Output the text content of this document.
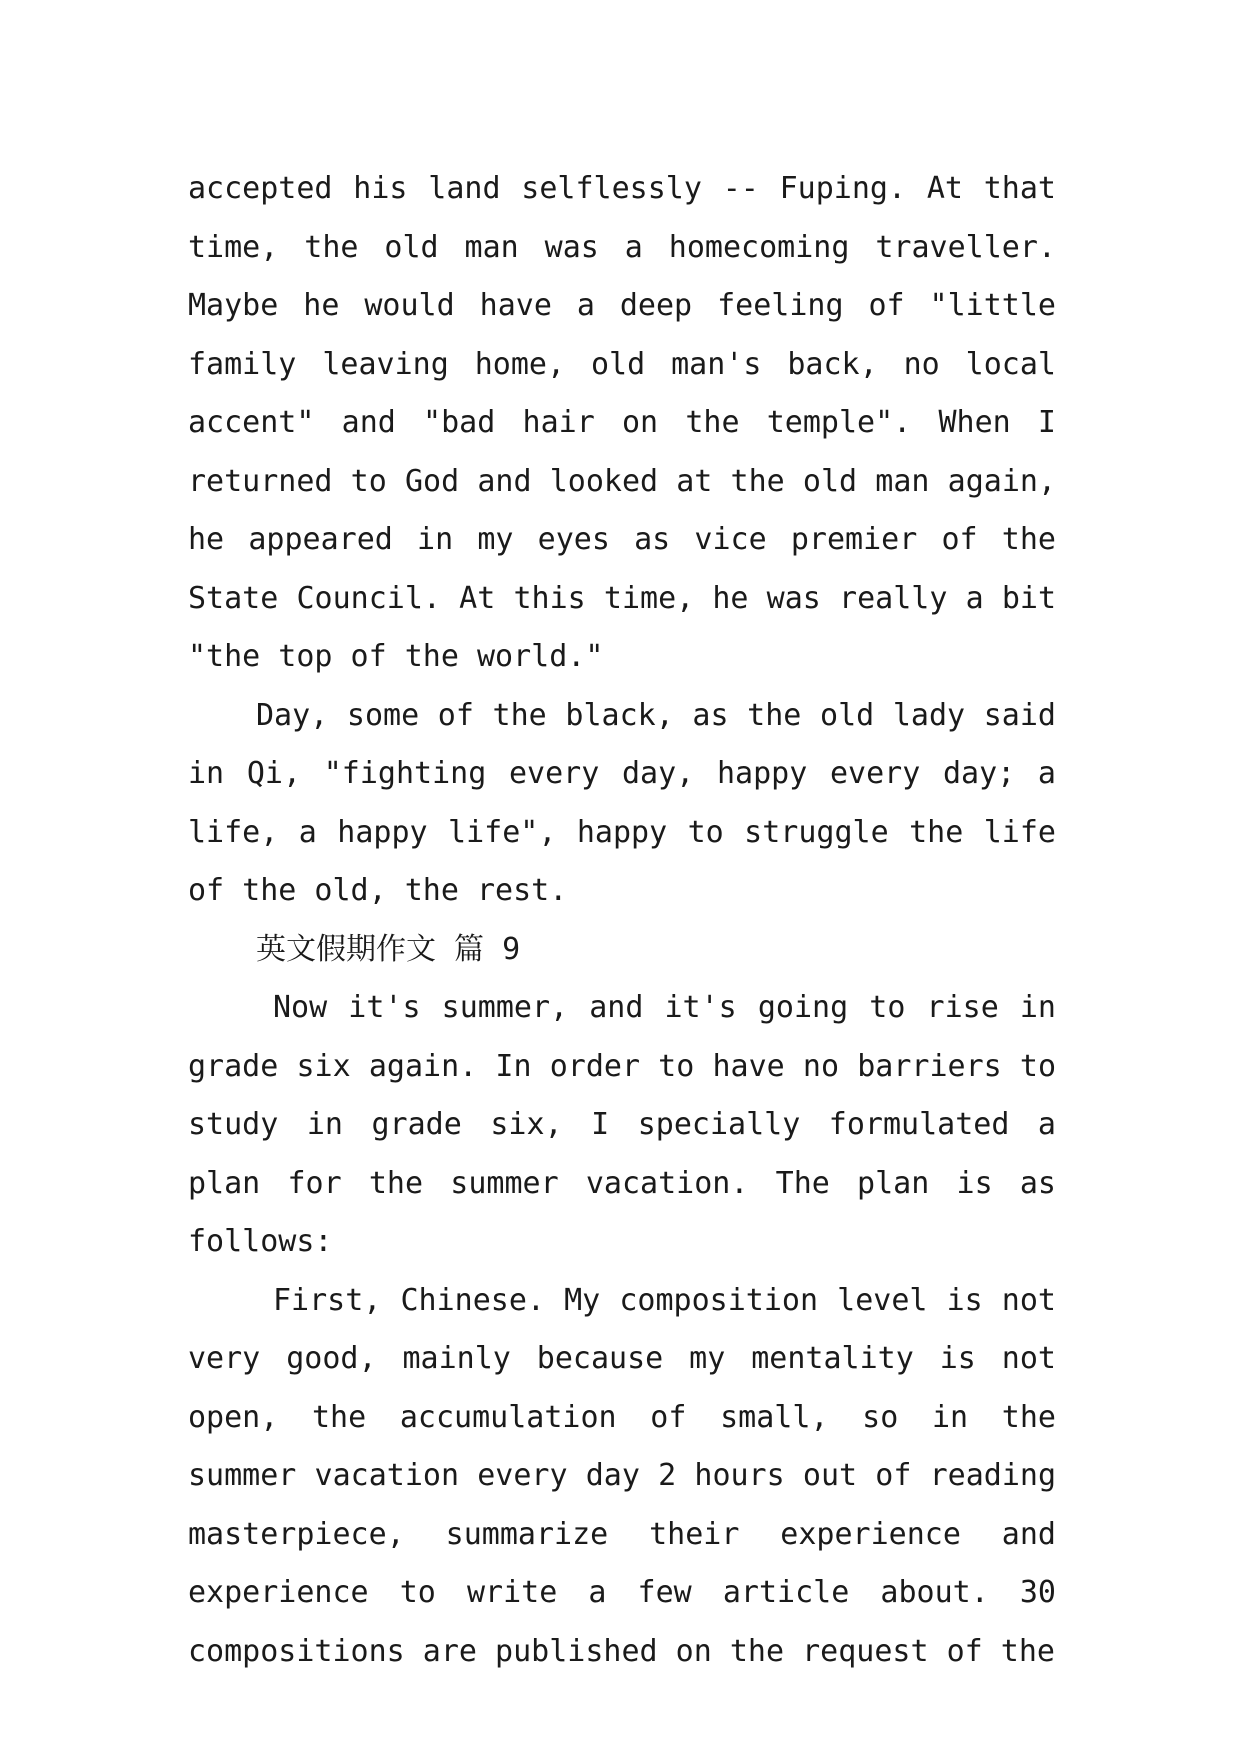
accepted his land selflessly -- Fuping. At that time, the old man was a homecoming traveller. Maybe he would have a deep feeling of "little family leaving home, old man's back, no local accent" and "bad hair on the temple". When I returned to God and looked at the old man again, he appeared in my eyes as vice premier of the State Council. At this time, he was really a bit "the top of the world."

Day, some of the black, as the old lady said in Qi, "fighting every day, happy every day; a life, a happy life", happy to struggle the life of the old, the rest.

英文假期作文 篇 9

Now it's summer, and it's going to rise in grade six again. In order to have no barriers to study in grade six, I specially formulated a plan for the summer vacation. The plan is as follows:

First, Chinese. My composition level is not very good, mainly because my mentality is not open, the accumulation of small, so in the summer vacation every day 2 hours out of reading masterpiece, summarize their experience and experience to write a few article about. 30 compositions are published on the request of the
